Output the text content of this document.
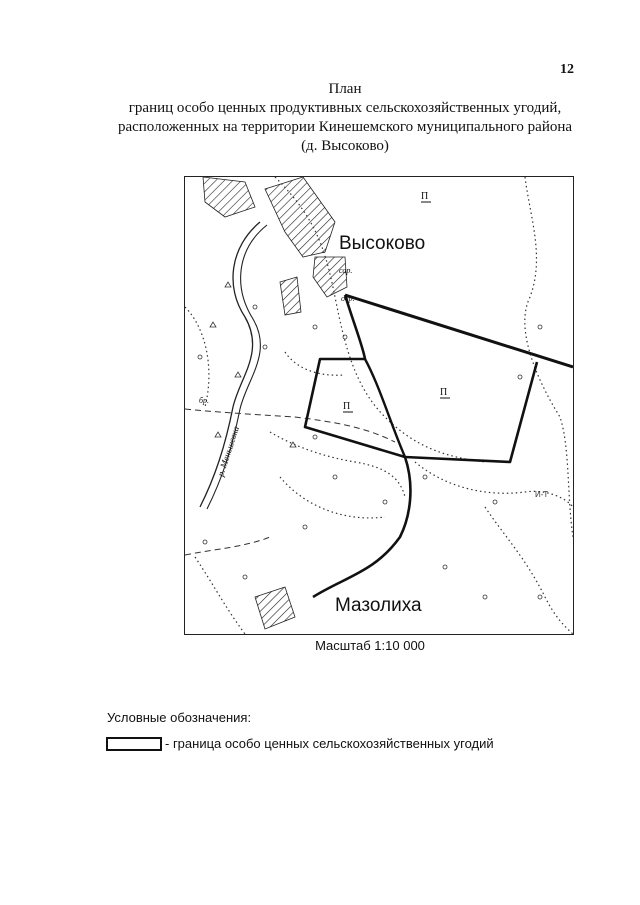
12
План
границ особо ценных продуктивных сельскохозяйственных угодий,
расположенных на территории Кинешемского муниципального района
(д. Высоково)
П
П
П
сар.
овр.
бр.
р. Меньшевка
И-Т
Высоково
Мазолиха
Масштаб 1:10 000
Условные обозначения:
- граница особо ценных сельскохозяйственных угодий
